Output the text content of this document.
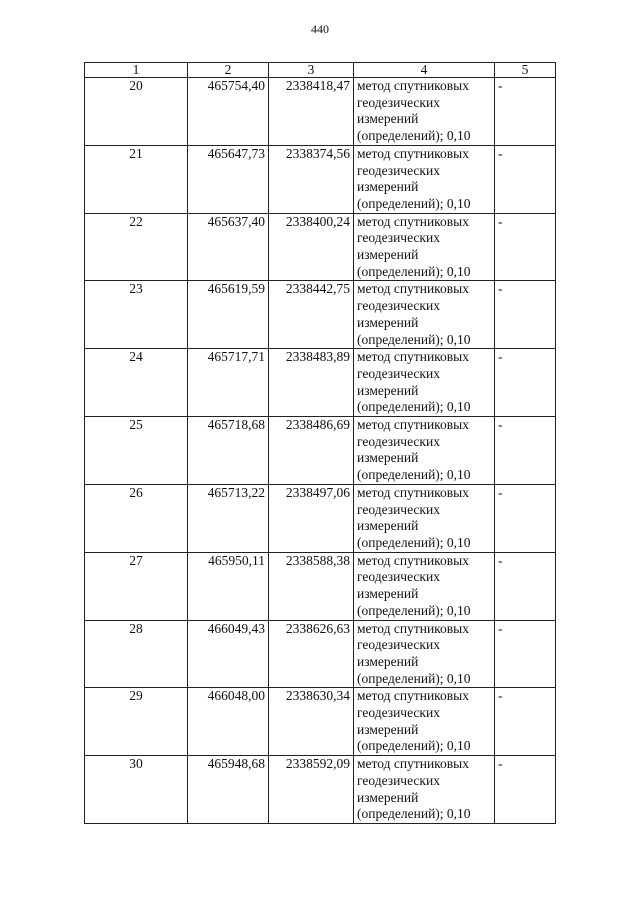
440
1	2	3	4	5
20	465754,40	2338418,47	метод спутниковых
геодезических
измерений
(определений); 0,10	-
21	465647,73	2338374,56	метод спутниковых
геодезических
измерений
(определений); 0,10	-
22	465637,40	2338400,24	метод спутниковых
геодезических
измерений
(определений); 0,10	-
23	465619,59	2338442,75	метод спутниковых
геодезических
измерений
(определений); 0,10	-
24	465717,71	2338483,89	метод спутниковых
геодезических
измерений
(определений); 0,10	-
25	465718,68	2338486,69	метод спутниковых
геодезических
измерений
(определений); 0,10	-
26	465713,22	2338497,06	метод спутниковых
геодезических
измерений
(определений); 0,10	-
27	465950,11	2338588,38	метод спутниковых
геодезических
измерений
(определений); 0,10	-
28	466049,43	2338626,63	метод спутниковых
геодезических
измерений
(определений); 0,10	-
29	466048,00	2338630,34	метод спутниковых
геодезических
измерений
(определений); 0,10	-
30	465948,68	2338592,09	метод спутниковых
геодезических
измерений
(определений); 0,10	-
